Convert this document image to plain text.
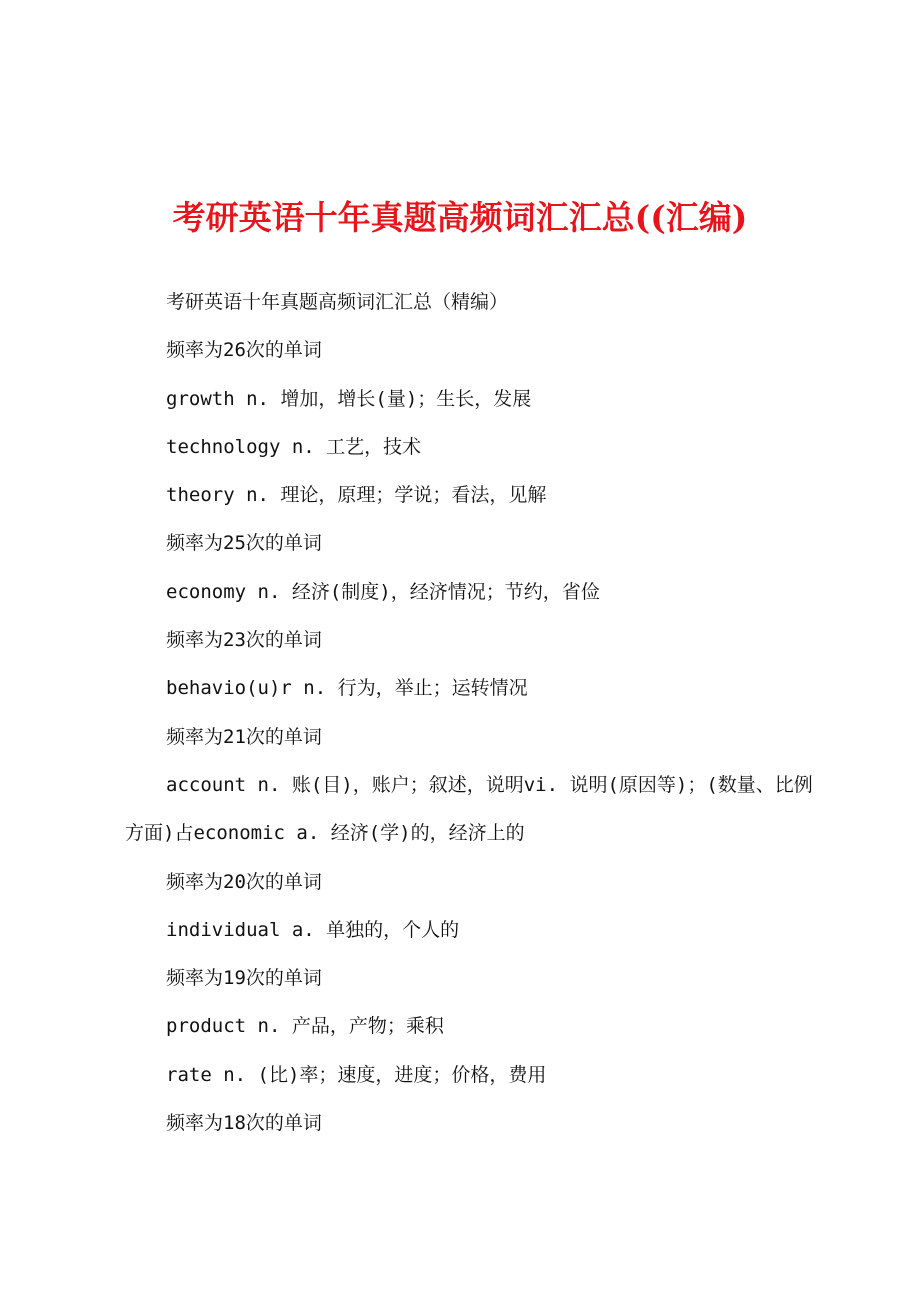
考研英语十年真题高频词汇汇总((汇编)

考研英语十年真题高频词汇汇总（精编）

频率为26次的单词

growth n. 增加，增长(量)；生长，发展

technology n. 工艺，技术

theory n. 理论，原理；学说；看法，见解

频率为25次的单词

economy n. 经济(制度)，经济情况；节约，省俭

频率为23次的单词

behavio(u)r n. 行为，举止；运转情况

频率为21次的单词

account n. 账(目)，账户；叙述，说明vi. 说明(原因等)；(数量、比例方面)占economic a. 经济(学)的，经济上的

频率为20次的单词

individual a. 单独的，个人的

频率为19次的单词

product n. 产品，产物；乘积

rate n. (比)率；速度，进度；价格，费用

频率为18次的单词
